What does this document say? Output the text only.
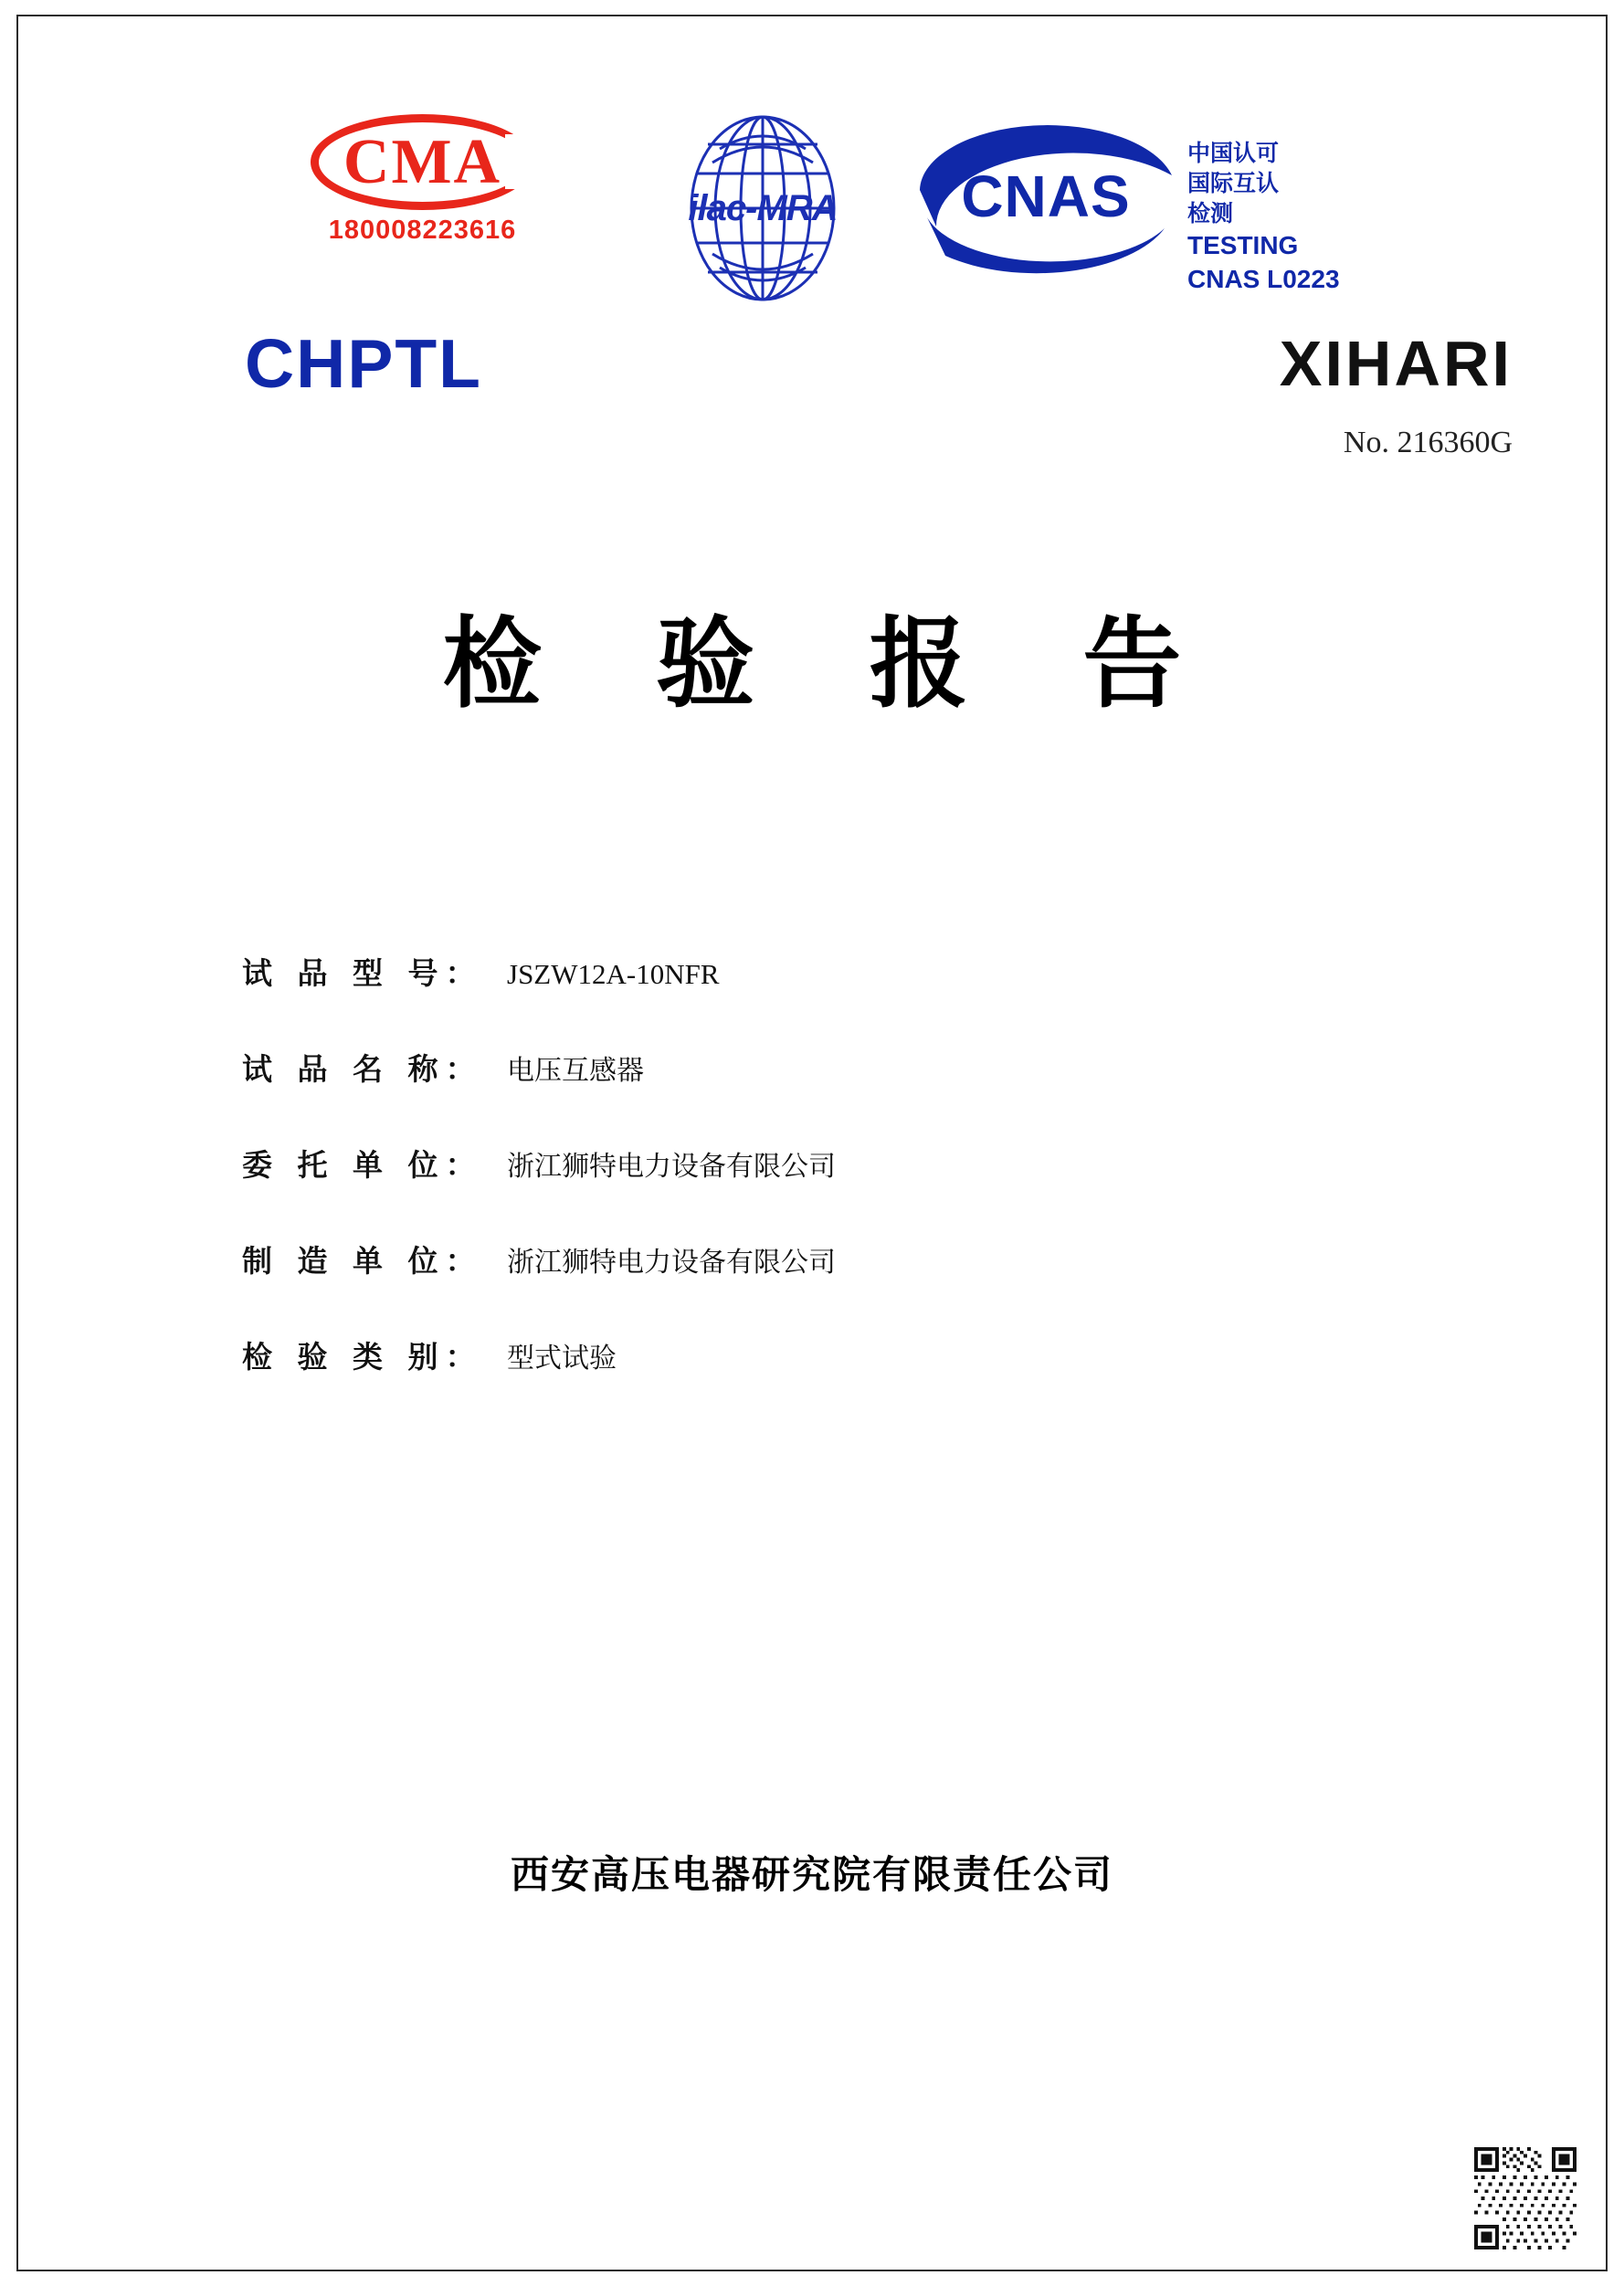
CMA
180008223616
ilac-MRA	CNAS
中国认可
国际互认
检测
TESTING
CNAS L0223
CHPTL	XIHARI
No. 216360G
检 验 报 告
试 品 型 号： JSZW12A-10NFR
试 品 名 称： 电压互感器
委 托 单 位： 浙江狮特电力设备有限公司
制 造 单 位： 浙江狮特电力设备有限公司
检 验 类 别： 型式试验
西安高压电器研究院有限责任公司
